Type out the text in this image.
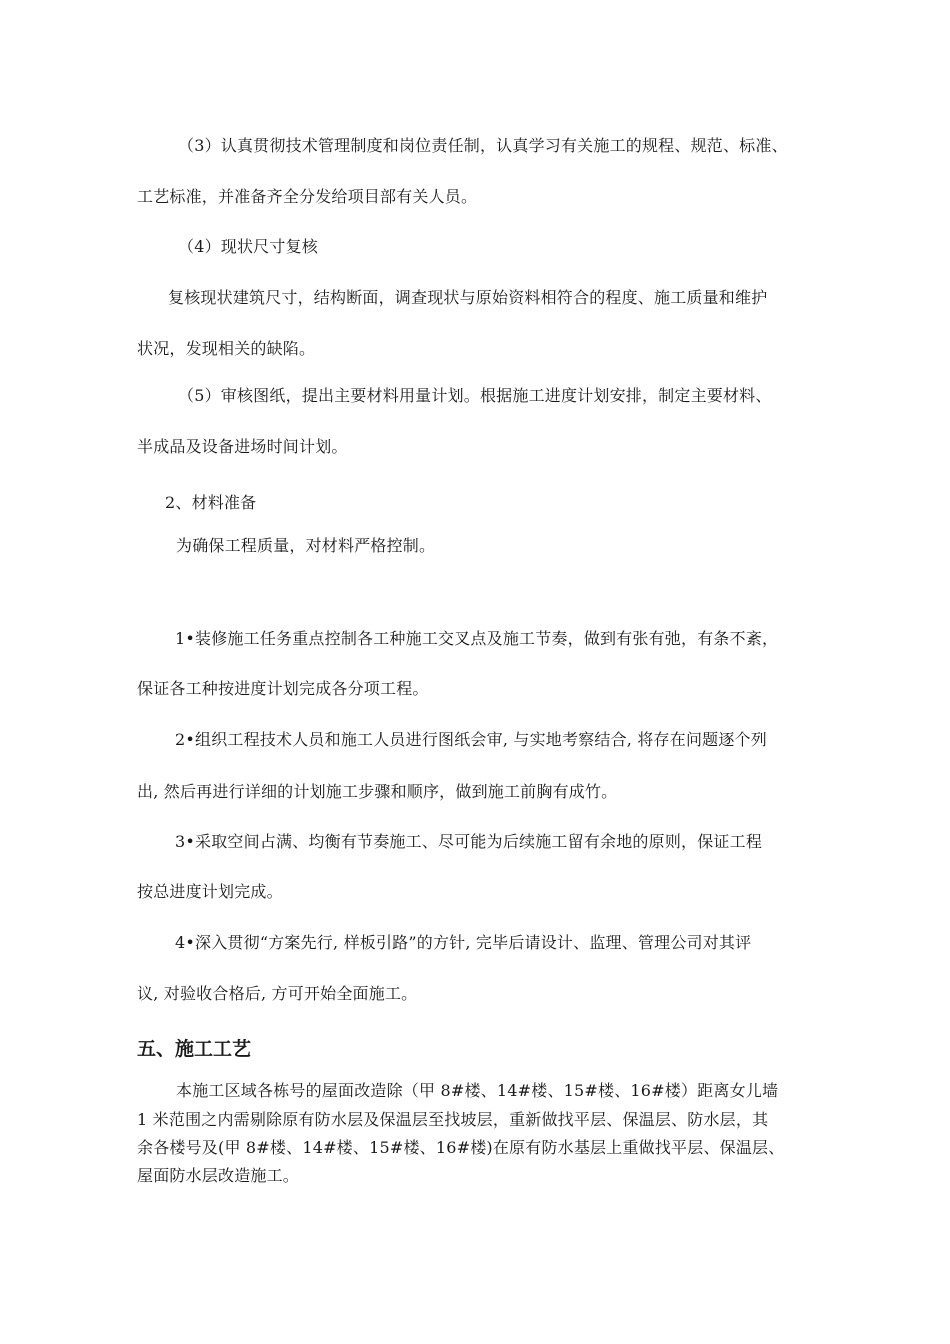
（3）认真贯彻技术管理制度和岗位责任制，认真学习有关施工的规程、规范、标准、
工艺标准，并准备齐全分发给项目部有关人员。
（4）现状尺寸复核
复核现状建筑尺寸，结构断面，调查现状与原始资料相符合的程度、施工质量和维护
状况，发现相关的缺陷。
（5）审核图纸，提出主要材料用量计划。根据施工进度计划安排，制定主要材料、
半成品及设备进场时间计划。
2、材料准备
为确保工程质量，对材料严格控制。
1•装修施工任务重点控制各工种施工交叉点及施工节奏，做到有张有弛，有条不紊，
保证各工种按进度计划完成各分项工程。
2•组织工程技术人员和施工人员进行图纸会审, 与实地考察结合, 将存在问题逐个列
出, 然后再进行详细的计划施工步骤和顺序，做到施工前胸有成竹。
3•采取空间占满、均衡有节奏施工、尽可能为后续施工留有余地的原则，保证工程
按总进度计划完成。
4•深入贯彻“方案先行, 样板引路”的方针, 完毕后请设计、监理、管理公司对其评
议, 对验收合格后, 方可开始全面施工。
五、施工工艺
本施工区域各栋号的屋面改造除（甲 8#楼、14#楼、15#楼、16#楼）距离女儿墙
1 米范围之内需剔除原有防水层及保温层至找坡层，重新做找平层、保温层、防水层，其
余各楼号及(甲 8#楼、14#楼、15#楼、16#楼)在原有防水基层上重做找平层、保温层、
屋面防水层改造施工。
